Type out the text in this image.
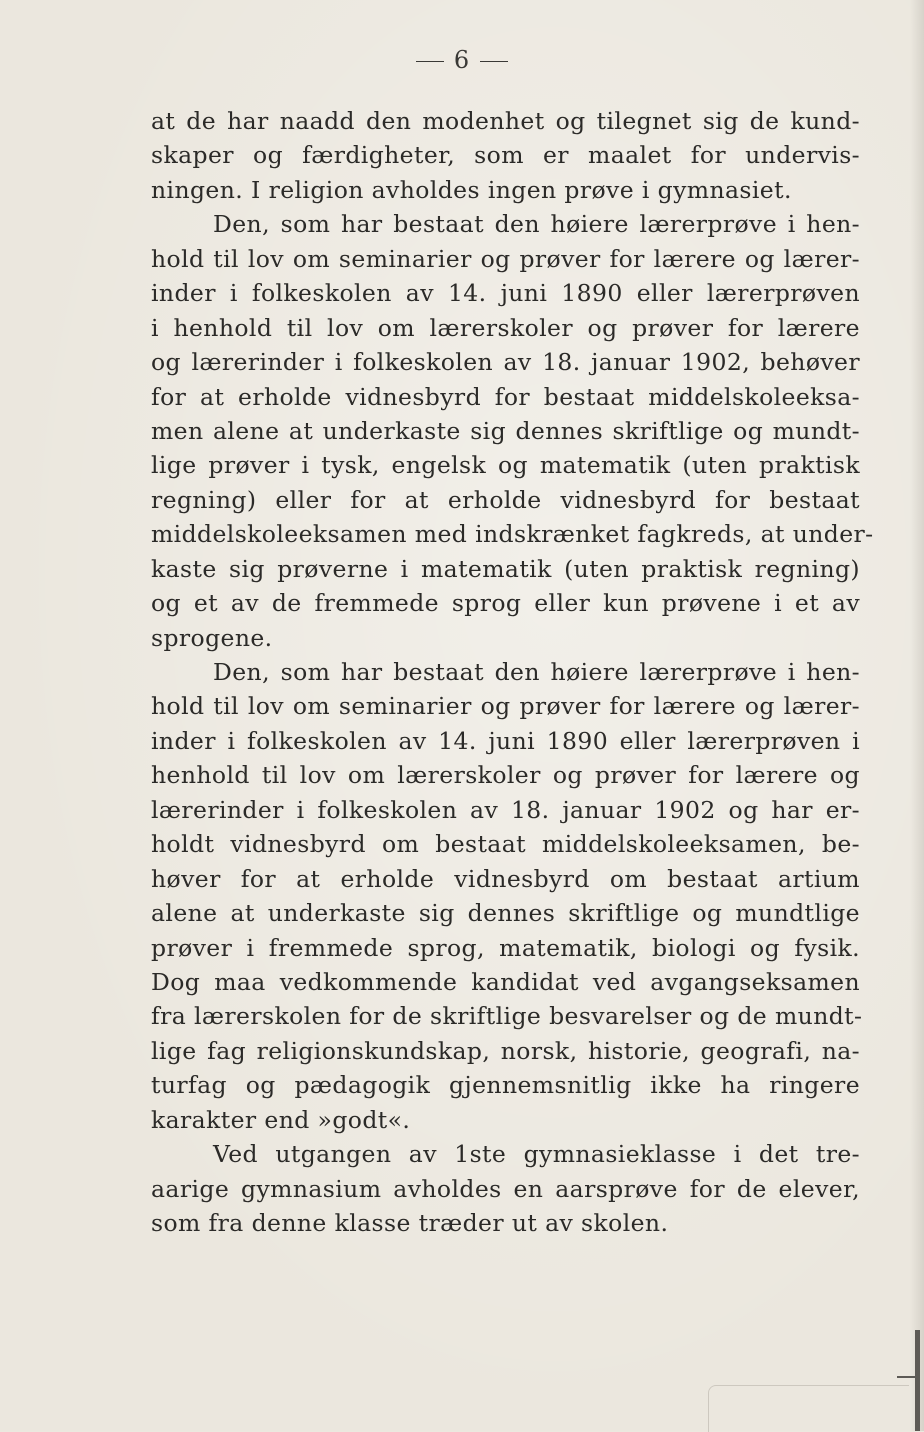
6
at de har naadd den modenhet og tilegnet sig de kund-
skaper og færdigheter, som er maalet for undervis-
ningen. I religion avholdes ingen prøve i gymnasiet.
Den, som har bestaat den høiere lærerprøve i hen-
hold til lov om seminarier og prøver for lærere og lærer-
inder i folkeskolen av 14. juni 1890 eller lærerprøven
i henhold til lov om lærerskoler og prøver for lærere
og lærerinder i folkeskolen av 18. januar 1902, behøver
for at erholde vidnesbyrd for bestaat middelskoleeksa-
men alene at underkaste sig dennes skriftlige og mundt-
lige prøver i tysk, engelsk og matematik (uten praktisk
regning) eller for at erholde vidnesbyrd for bestaat
middelskoleeksamen med indskrænket fagkreds, at under-
kaste sig prøverne i matematik (uten praktisk regning)
og et av de fremmede sprog eller kun prøvene i et av
sprogene.
Den, som har bestaat den høiere lærerprøve i hen-
hold til lov om seminarier og prøver for lærere og lærer-
inder i folkeskolen av 14. juni 1890 eller lærerprøven i
henhold til lov om lærerskoler og prøver for lærere og
lærerinder i folkeskolen av 18. januar 1902 og har er-
holdt vidnesbyrd om bestaat middelskoleeksamen, be-
høver for at erholde vidnesbyrd om bestaat artium
alene at underkaste sig dennes skriftlige og mundtlige
prøver i fremmede sprog, matematik, biologi og fysik.
Dog maa vedkommende kandidat ved avgangseksamen
fra lærerskolen for de skriftlige besvarelser og de mundt-
lige fag religionskundskap, norsk, historie, geografi, na-
turfag og pædagogik gjennemsnitlig ikke ha ringere
karakter end »godt«.
Ved utgangen av 1ste gymnasieklasse i det tre-
aarige gymnasium avholdes en aarsprøve for de elever,
som fra denne klasse træder ut av skolen.
